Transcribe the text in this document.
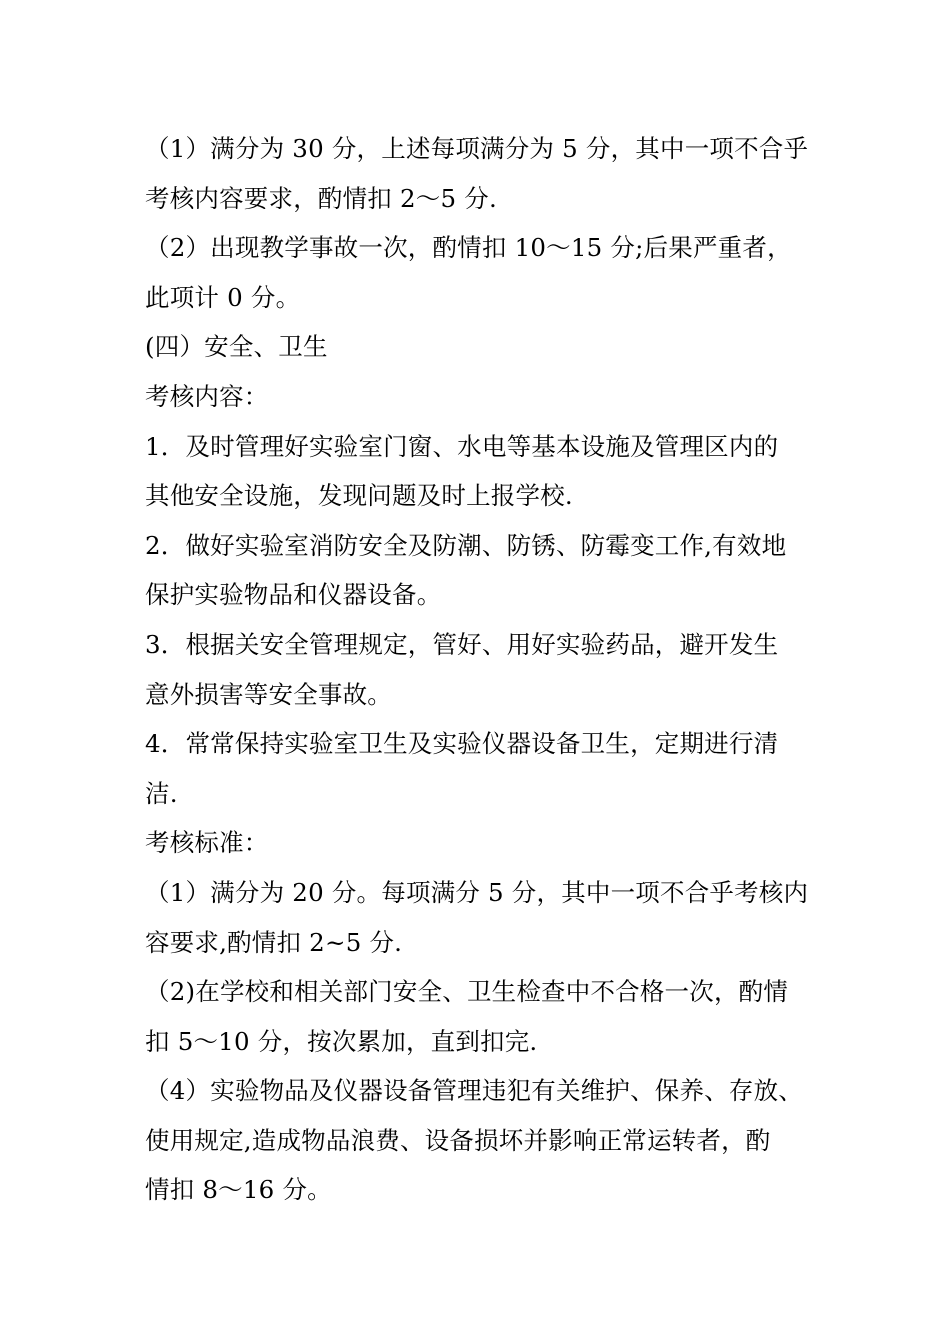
（1）满分为 30 分，上述每项满分为 5 分，其中一项不合乎
考核内容要求，酌情扣 2～5 分.
（2）出现教学事故一次，酌情扣 10～15 分;后果严重者，
此项计 0 分。
(四）安全、卫生
考核内容：
1．及时管理好实验室门窗、水电等基本设施及管理区内的
其他安全设施，发现问题及时上报学校.
2．做好实验室消防安全及防潮、防锈、防霉变工作,有效地
保护实验物品和仪器设备。
3．根据关安全管理规定，管好、用好实验药品，避开发生
意外损害等安全事故。
4．常常保持实验室卫生及实验仪器设备卫生，定期进行清
洁.
考核标准：
（1）满分为 20 分。每项满分 5 分，其中一项不合乎考核内
容要求,酌情扣 2~5 分.
（2)在学校和相关部门安全、卫生检查中不合格一次，酌情
扣 5～10 分，按次累加，直到扣完.
（4）实验物品及仪器设备管理违犯有关维护、保养、存放、
使用规定,造成物品浪费、设备损坏并影响正常运转者，酌
情扣 8～16 分。
